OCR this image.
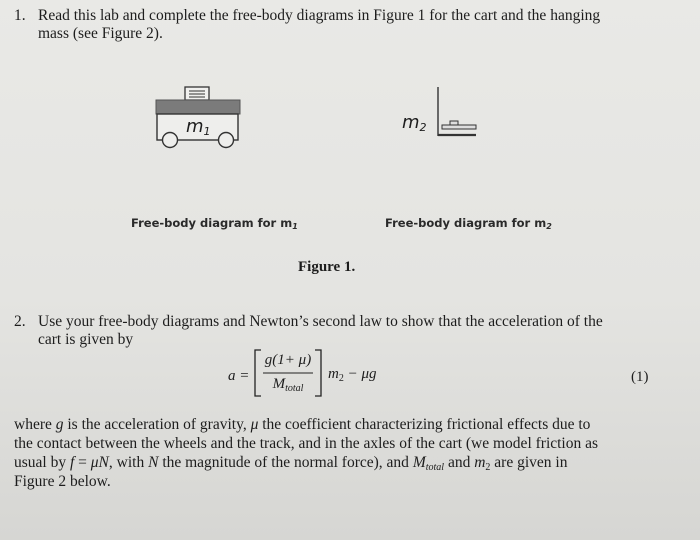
1. Read this lab and complete the free-body diagrams in Figure 1 for the cart and the hanging
mass (see Figure 2).
m1	m2
Free-body diagram for m1	Free-body diagram for m2
Figure 1.
2. Use your free-body diagrams and Newton’s second law to show that the acceleration of the
cart is given by
a =
g(1+ μ)
$M_{total}$
$m_2 - \mu g$	(1)
where g is the acceleration of gravity, μ the coefficient characterizing frictional effects due to
the contact between the wheels and the track, and in the axles of the cart (we model friction as
usual by f = μN, with N the magnitude of the normal force), and $M_{total}$ and m2 are given in
Figure 2 below.
